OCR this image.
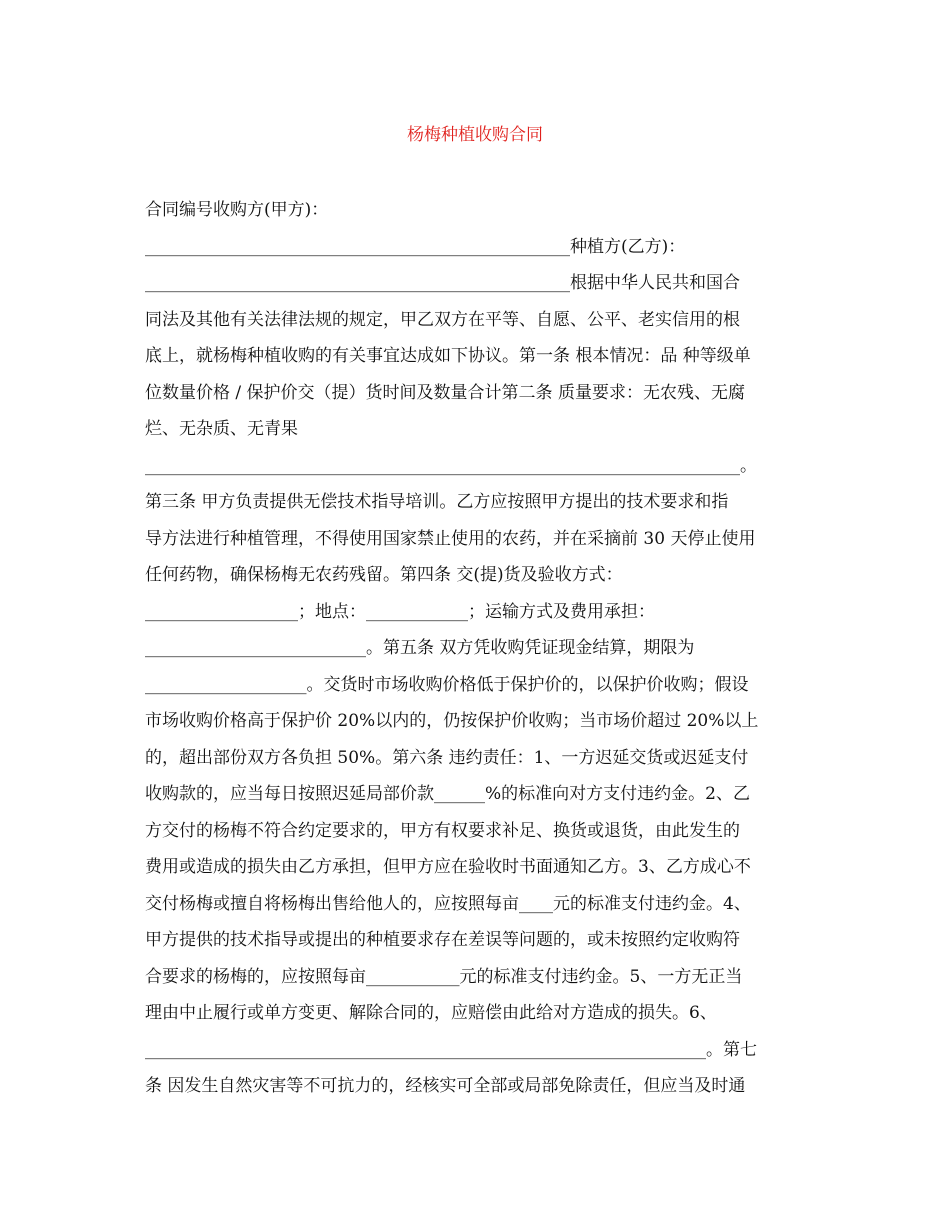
杨梅种植收购合同

合同编号收购方(甲方)：

__________________________________________________种植方(乙方)：

__________________________________________________根据中华人民共和国合

同法及其他有关法律法规的规定，甲乙双方在平等、自愿、公平、老实信用的根

底上，就杨梅种植收购的有关事宜达成如下协议。第一条 根本情况：品 种等级单

位数量价格 / 保护价交（提）货时间及数量合计第二条 质量要求：无农残、无腐

烂、无杂质、无青果

______________________________________________________________________。

第三条 甲方负责提供无偿技术指导培训。乙方应按照甲方提出的技术要求和指

导方法进行种植管理，不得使用国家禁止使用的农药，并在采摘前 30 天停止使用

任何药物，确保杨梅无农药残留。第四条 交(提)货及验收方式：

__________________；地点：____________；运输方式及费用承担：

__________________________。第五条 双方凭收购凭证现金结算，期限为

___________________。交货时市场收购价格低于保护价的，以保护价收购；假设

市场收购价格高于保护价 20%以内的，仍按保护价收购；当市场价超过 20%以上

的，超出部份双方各负担 50%。第六条 违约责任：1、一方迟延交货或迟延支付

收购款的，应当每日按照迟延局部价款______%的标准向对方支付违约金。2、乙

方交付的杨梅不符合约定要求的，甲方有权要求补足、换货或退货，由此发生的

费用或造成的损失由乙方承担，但甲方应在验收时书面通知乙方。3、乙方成心不

交付杨梅或擅自将杨梅出售给他人的，应按照每亩____元的标准支付违约金。4、

甲方提供的技术指导或提出的种植要求存在差误等问题的，或未按照约定收购符

合要求的杨梅的，应按照每亩___________元的标准支付违约金。5、一方无正当

理由中止履行或单方变更、解除合同的，应赔偿由此给对方造成的损失。6、

__________________________________________________________________。第七

条 因发生自然灾害等不可抗力的，经核实可全部或局部免除责任，但应当及时通
